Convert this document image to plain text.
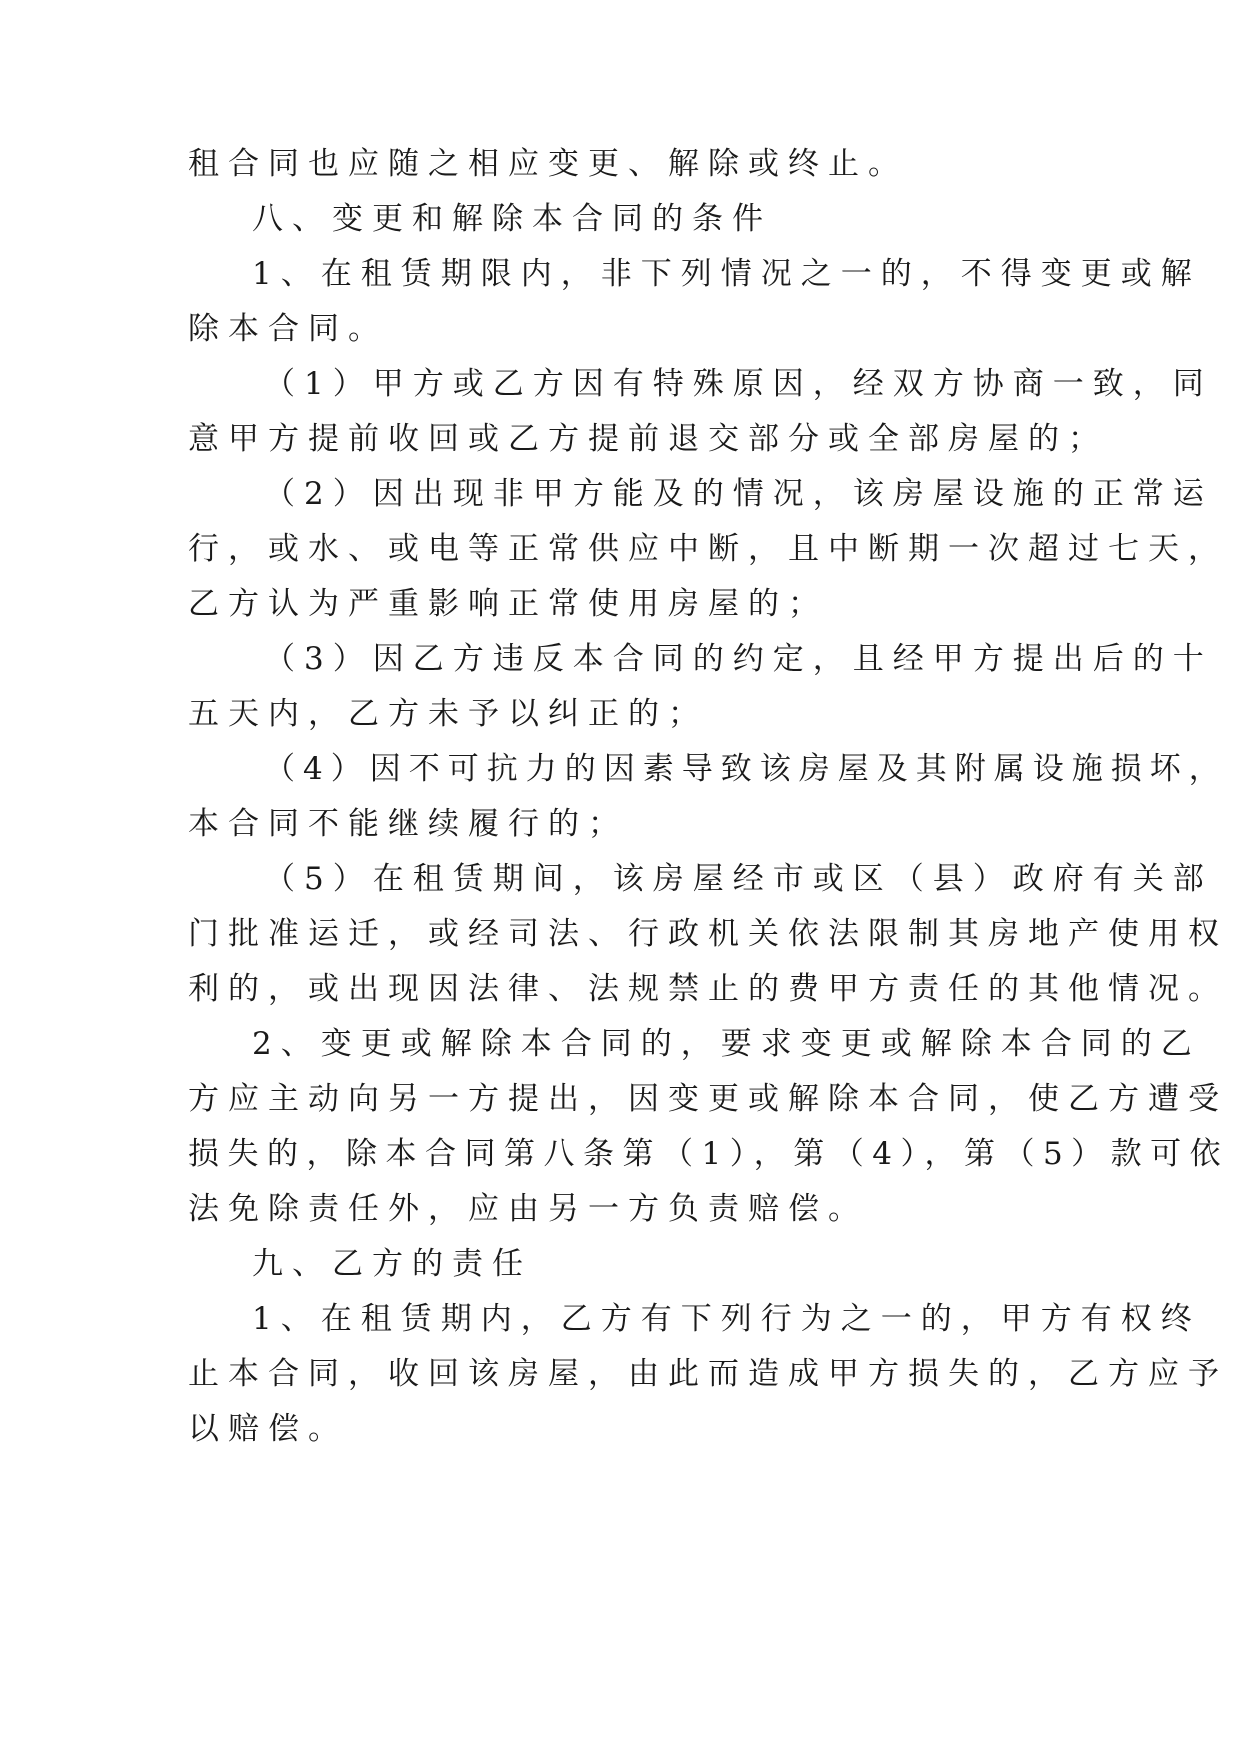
租合同也应随之相应变更、解除或终止。

八、变更和解除本合同的条件

1、在租赁期限内，非下列情况之一的，不得变更或解

除本合同。

（1）甲方或乙方因有特殊原因，经双方协商一致，同

意甲方提前收回或乙方提前退交部分或全部房屋的；

（2）因出现非甲方能及的情况，该房屋设施的正常运

行，或水、或电等正常供应中断，且中断期一次超过七天，

乙方认为严重影响正常使用房屋的；

（3）因乙方违反本合同的约定，且经甲方提出后的十

五天内，乙方未予以纠正的；

（4）因不可抗力的因素导致该房屋及其附属设施损坏，

本合同不能继续履行的；

（5）在租赁期间，该房屋经市或区（县）政府有关部

门批准运迁，或经司法、行政机关依法限制其房地产使用权

利的，或出现因法律、法规禁止的费甲方责任的其他情况。

2、变更或解除本合同的，要求变更或解除本合同的乙

方应主动向另一方提出，因变更或解除本合同，使乙方遭受

损失的，除本合同第八条第（1），第（4），第（5）款可依

法免除责任外，应由另一方负责赔偿。

九、乙方的责任

1、在租赁期内，乙方有下列行为之一的，甲方有权终

止本合同，收回该房屋，由此而造成甲方损失的，乙方应予

以赔偿。
